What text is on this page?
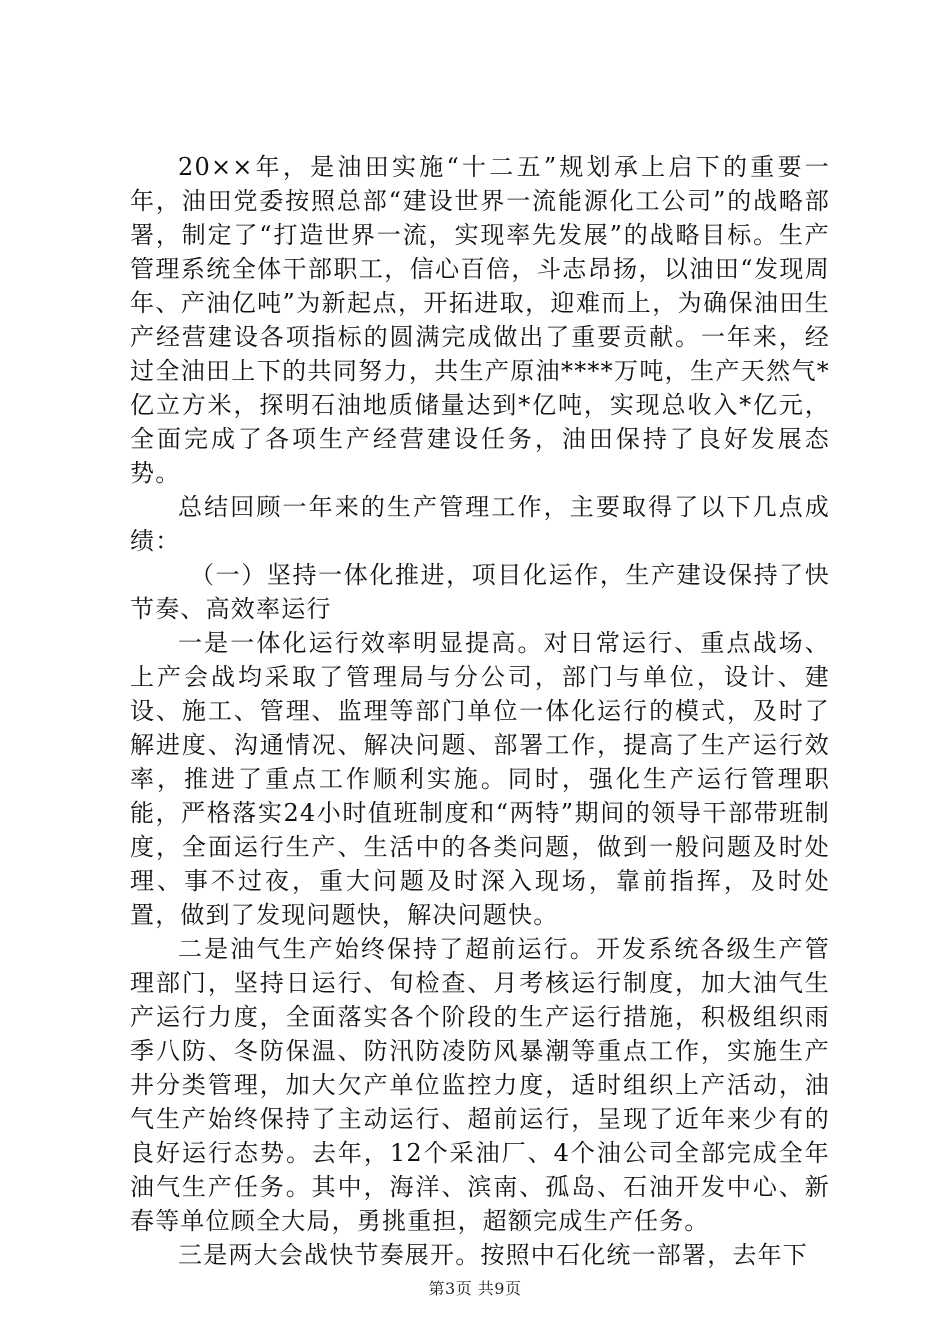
20××年，是油田实施“十二五”规划承上启下的重要一年，油田党委按照总部“建设世界一流能源化工公司”的战略部署，制定了“打造世界一流，实现率先发展”的战略目标。生产管理系统全体干部职工，信心百倍，斗志昂扬，以油田“发现周年、产油亿吨”为新起点，开拓进取，迎难而上，为确保油田生产经营建设各项指标的圆满完成做出了重要贡献。一年来，经过全油田上下的共同努力，共生产原油****万吨，生产天然气*亿立方米，探明石油地质储量达到*亿吨，实现总收入*亿元，全面完成了各项生产经营建设任务，油田保持了良好发展态势。

总结回顾一年来的生产管理工作，主要取得了以下几点成绩：

（一）坚持一体化推进，项目化运作，生产建设保持了快节奏、高效率运行

一是一体化运行效率明显提高。对日常运行、重点战场、上产会战均采取了管理局与分公司，部门与单位，设计、建设、施工、管理、监理等部门单位一体化运行的模式，及时了解进度、沟通情况、解决问题、部署工作，提高了生产运行效率，推进了重点工作顺利实施。同时，强化生产运行管理职能，严格落实24小时值班制度和“两特”期间的领导干部带班制度，全面运行生产、生活中的各类问题，做到一般问题及时处理、事不过夜，重大问题及时深入现场，靠前指挥，及时处置，做到了发现问题快，解决问题快。

二是油气生产始终保持了超前运行。开发系统各级生产管理部门，坚持日运行、旬检查、月考核运行制度，加大油气生产运行力度，全面落实各个阶段的生产运行措施，积极组织雨季八防、冬防保温、防汛防凌防风暴潮等重点工作，实施生产井分类管理，加大欠产单位监控力度，适时组织上产活动，油气生产始终保持了主动运行、超前运行，呈现了近年来少有的良好运行态势。去年，12个采油厂、4个油公司全部完成全年油气生产任务。其中，海洋、滨南、孤岛、石油开发中心、新春等单位顾全大局，勇挑重担，超额完成生产任务。

三是两大会战快节奏展开。按照中石化统一部署，去年下

第3页 共9页
